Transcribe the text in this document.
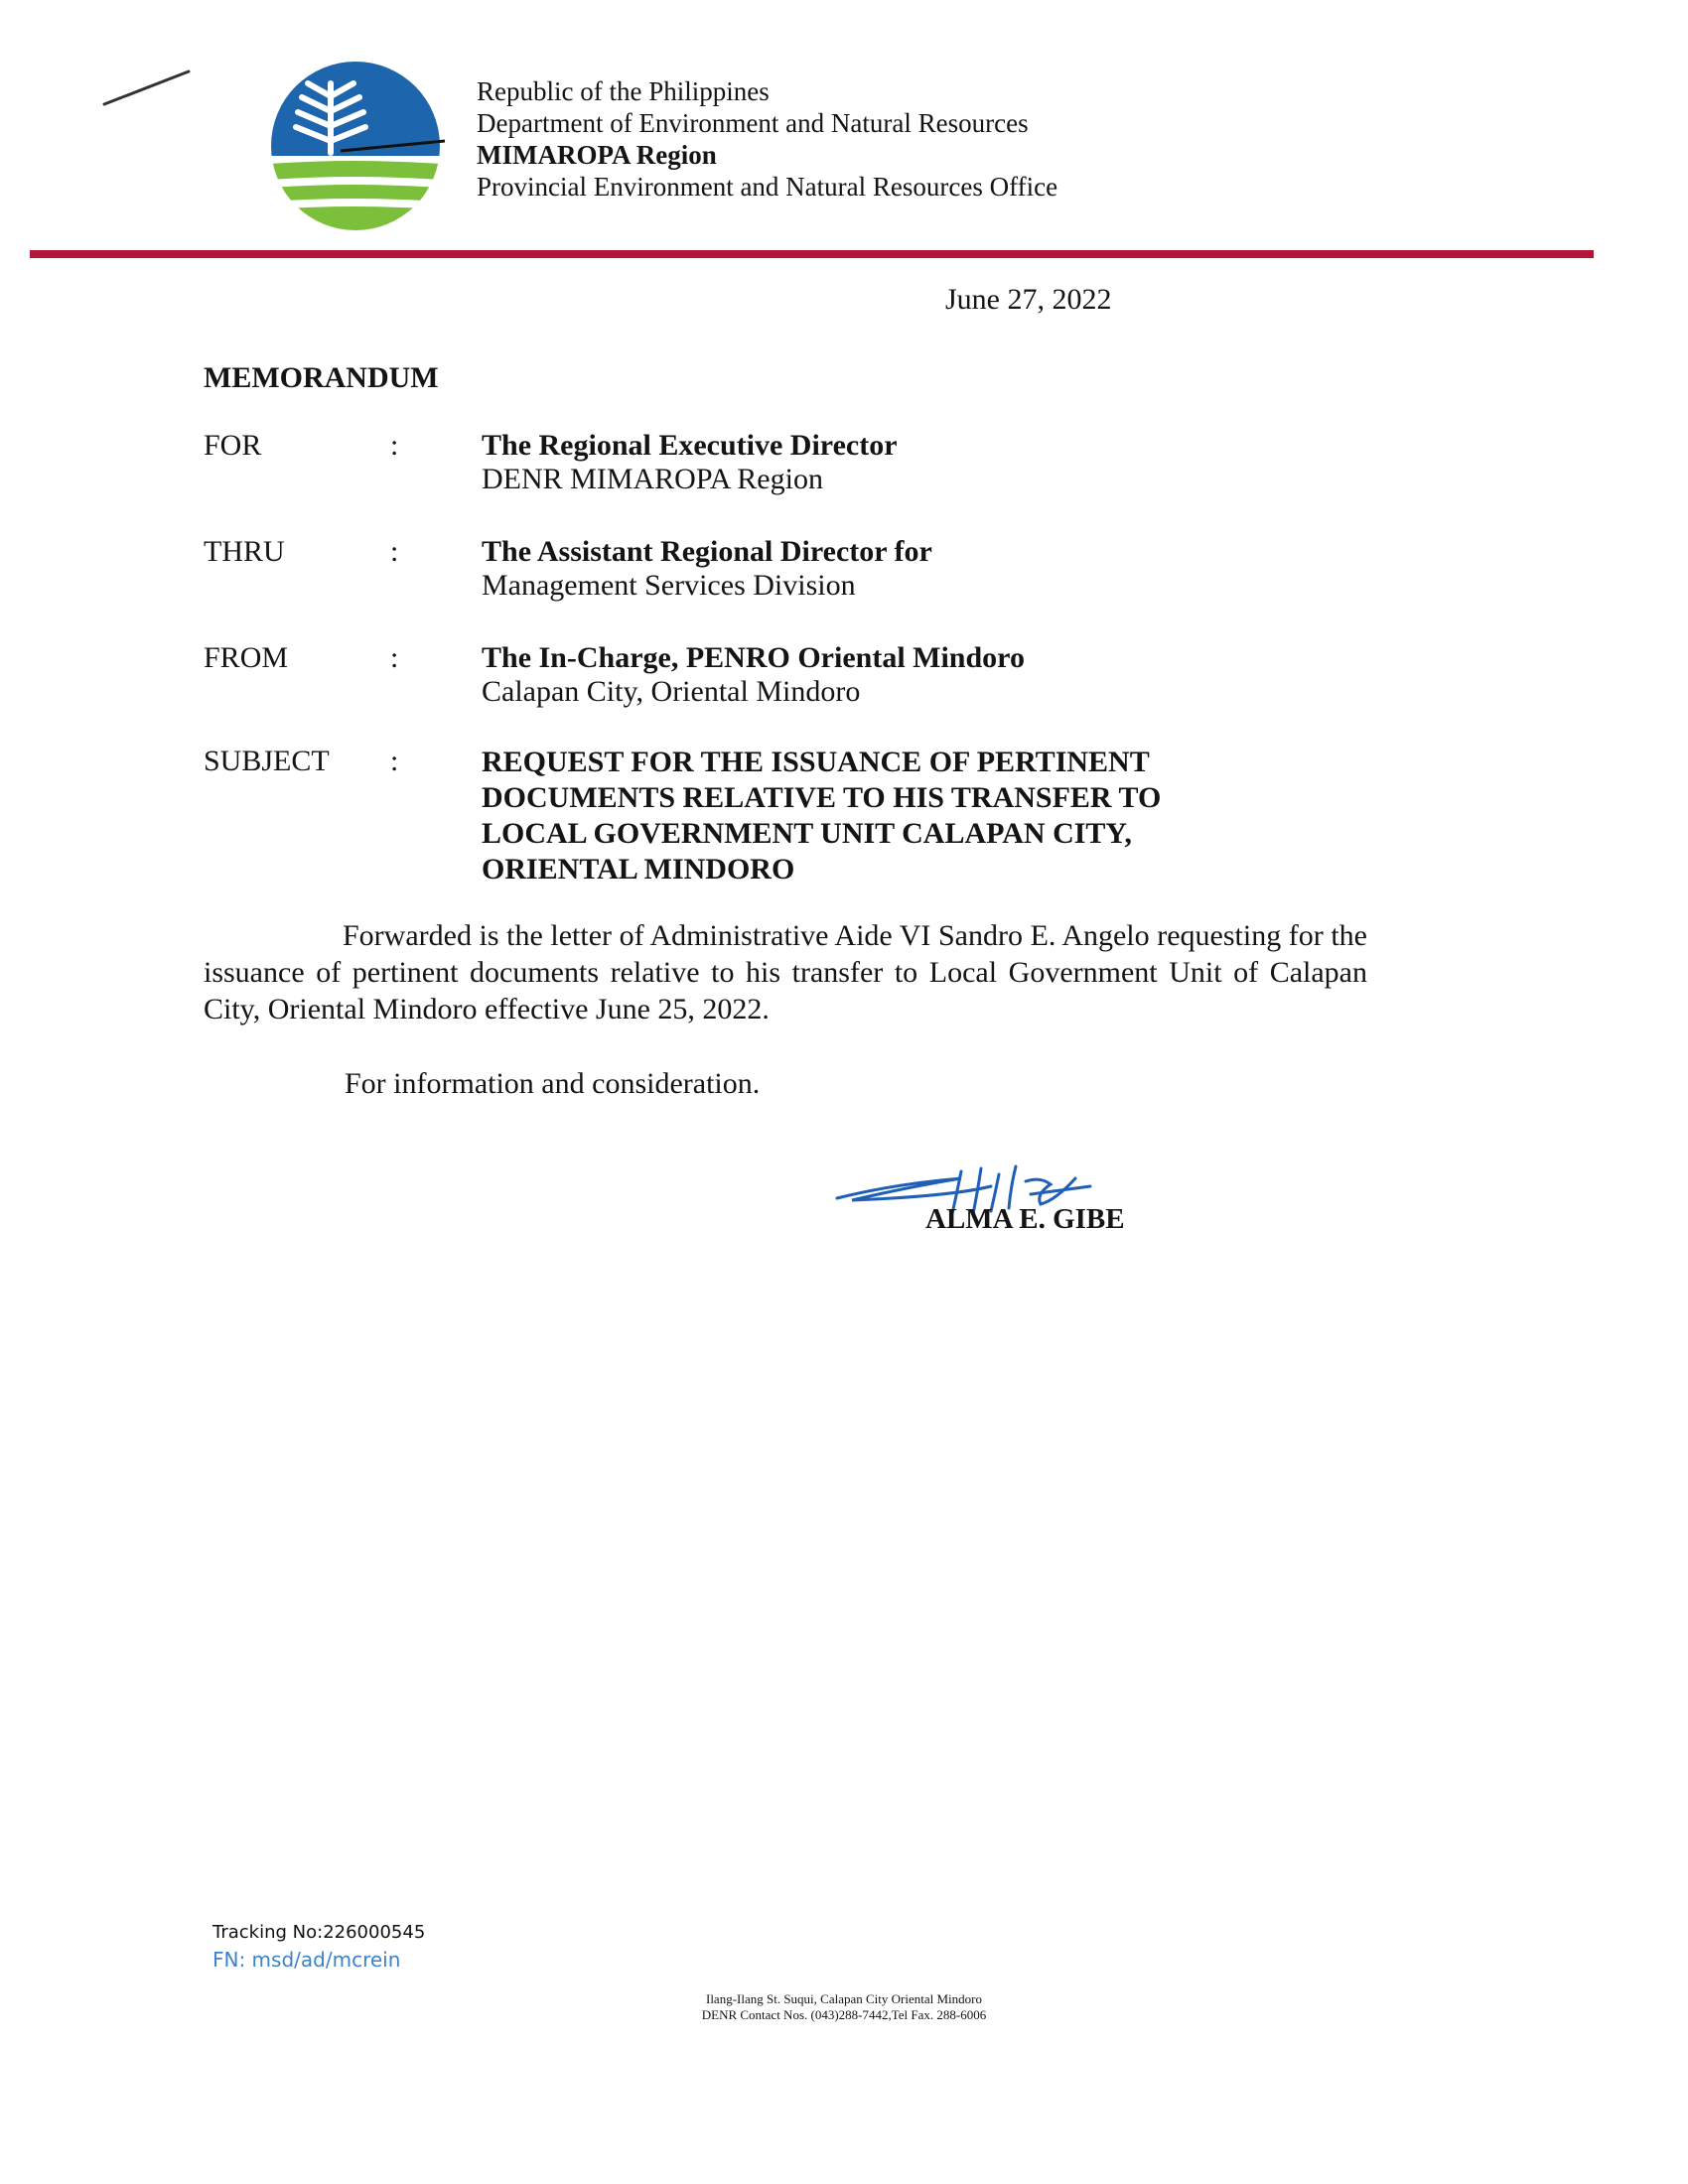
Republic of the Philippines
Department of Environment and Natural Resources
MIMAROPA Region
Provincial Environment and Natural Resources Office
June 27, 2022
MEMORANDUM
FOR	:	The Regional Executive Director
DENR MIMAROPA Region
THRU	:	The Assistant Regional Director for
Management Services Division
FROM	:	The In-Charge, PENRO Oriental Mindoro
Calapan City, Oriental Mindoro
SUBJECT :	REQUEST FOR THE ISSUANCE OF PERTINENT DOCUMENTS RELATIVE TO HIS TRANSFER TO LOCAL GOVERNMENT UNIT CALAPAN CITY, ORIENTAL MINDORO
Forwarded is the letter of Administrative Aide VI Sandro E. Angelo requesting for the issuance of pertinent documents relative to his transfer to Local Government Unit of Calapan City, Oriental Mindoro effective June 25, 2022.
For information and consideration.
ALMA E. GIBE
Tracking No:226000545
FN: msd/ad/mcrein
Ilang-Ilang St. Suqui, Calapan City Oriental Mindoro
DENR Contact Nos. (043)288-7442,Tel Fax. 288-6006
